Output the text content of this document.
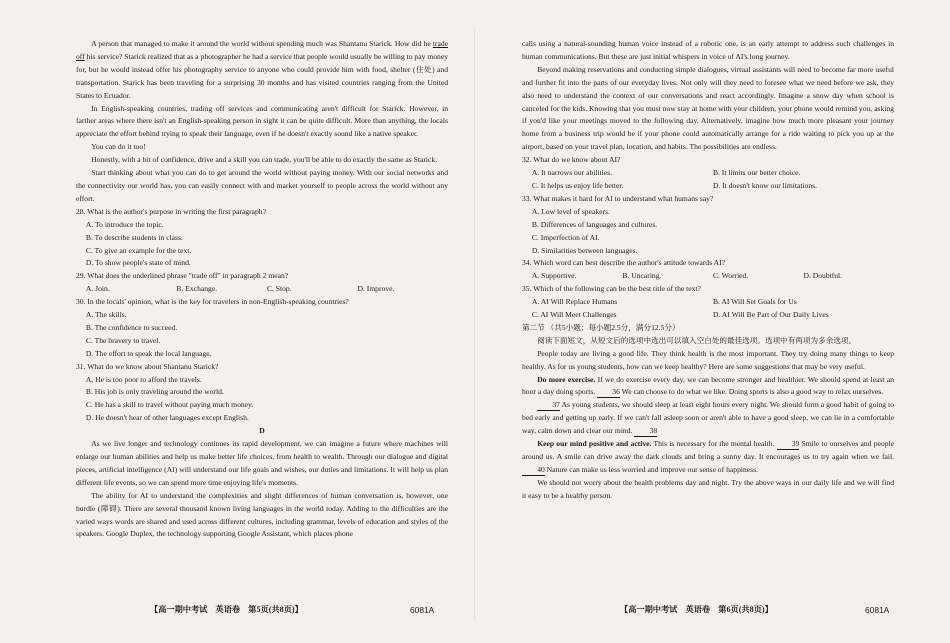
A person that managed to make it around the world without spending much was Shantanu Starick. How did he trade off his service? Starick realized that as a photographer he had a service that people would usually be willing to pay money for, but he would instead offer his photography service to anyone who could provide him with food, shelter (住处) and transportation. Starick has been traveling for a surprising 30 months and has visited countries ranging from the United States to Ecuador.

In English-speaking countries, trading off services and communicating aren't difficult for Starick. However, in farther areas where there isn't an English-speaking person in sight it can be quite difficult. More than anything, the locals appreciate the effort behind trying to speak their language, even if he doesn't exactly sound like a native speaker.

You can do it too!

Honestly, with a bit of confidence, drive and a skill you can trade, you'll be able to do exactly the same as Starick.

Start thinking about what you can do to get around the world without paying money. With our social networks and the connectivity our world has, you can easily connect with and market yourself to people across the world without any effort.

28. What is the author's purpose in writing the first paragraph?

A. To introduce the topic.

B. To describe students in class.

C. To give an example for the text.

D. To show people's state of mind.

29. What does the underlined phrase "trade off" in paragraph 2 mean?

A. Join.	B. Exchange.	C. Stop.	D. Improve.

30. In the locals' opinion, what is the key for travelers in non-English-speaking countries?

A. The skills.

B. The confidence to succeed.

C. The bravery to travel.

D. The effort to speak the local language.

31. What do we know about Shantanu Starick?

A. He is too poor to afford the travels.

B. His job is only traveling around the world.

C. He has a skill to travel without paying much money.

D. He doesn't hear of other languages except English.

D

As we live longer and technology continues its rapid development, we can imagine a future where machines will enlarge our human abilities and help us make better life choices, from health to wealth. Through our dialogue and digital pieces, artificial intelligence (AI) will understand our life goals and wishes, our duties and limitations. It will help us plan different life events, so we can spend more time enjoying life's moments.

The ability for AI to understand the complexities and slight differences of human conversation is, however, one hurdle (障碍). There are several thousand known living languages in the world today. Adding to the difficulties are the varied ways words are shared and used across different cultures, including grammar, levels of education and styles of the speakers. Google Duplex, the technology supporting Google Assistant, which places phone

calls using a natural-sounding human voice instead of a robotic one, is an early attempt to address such challenges in human communications. But these are just initial whispers in voice of AI's long journey.

Beyond making reservations and conducting simple dialogues, virtual assistants will need to become far more useful and further fit into the parts of our everyday lives. Not only will they need to foresee what we need before we ask, they also need to understand the context of our conversations and react accordingly. Imagine a snow day when school is canceled for the kids. Knowing that you must now stay at home with your children, your phone would remind you, asking if you'd like your meetings moved to the following day. Alternatively, imagine how much more pleasant your journey home from a business trip would be if your phone could automatically arrange for a ride waiting to pick you up at the airport, based on your travel plan, location, and habits. The possibilities are endless.

32. What do we know about AI?

A. It narrows our abilities.	B. It limits our better choice.
C. It helps us enjoy life better.	D. It doesn't know our limitations.

33. What makes it hard for AI to understand what humans say?

A. Low level of speakers.

B. Differences of languages and cultures.

C. Imperfection of AI.

D. Similarities between languages.

34. Which word can best describe the author's attitude towards AI?

A. Supportive.	B. Uncaring.	C. Worried.	D. Doubtful.

35. Which of the following can be the best title of the text?

A. AI Will Replace Humans	B. AI Will Set Goals for Us
C. AI Will Meet Challenges	D. AI Will Be Part of Our Daily Lives

第二节 （共5小题；每小题2.5分，满分12.5分）

阅读下面短文，从短文后的选项中选出可以填入空白处的最佳选项。选项中有两项为多余选项。

People today are living a good life. They think health is the most important. They try doing many things to keep healthy. As for us young students, how can we keep healthy? Here are some suggestions that may be very useful.

Do more exercise. If we do exercise every day, we can become stronger and healthier. We should spend at least an hour a day doing sports. 36 We can choose to do what we like. Doing sports is also a good way to relax ourselves.

37 As young students, we should sleep at least eight hours every night. We should form a good habit of going to bed early and getting up early. If we can't fall asleep soon or aren't able to have a good sleep, we can lie in a comfortable way, calm down and clear our mind. 38

Keep our mind positive and active. This is necessary for the mental health. 39 Smile to ourselves and people around us. A smile can drive away the dark clouds and bring a sunny day. It encourages us to try again when we fail. 40 Nature can make us less worried and improve our sense of happiness.

We should not worry about the health problems day and night. Try the above ways in our daily life and we will find it easy to be a healthy person.

【高一期中考试　英语卷　第5页(共8页)】	6081A	【高一期中考试　英语卷　第6页(共8页)】	6081A
